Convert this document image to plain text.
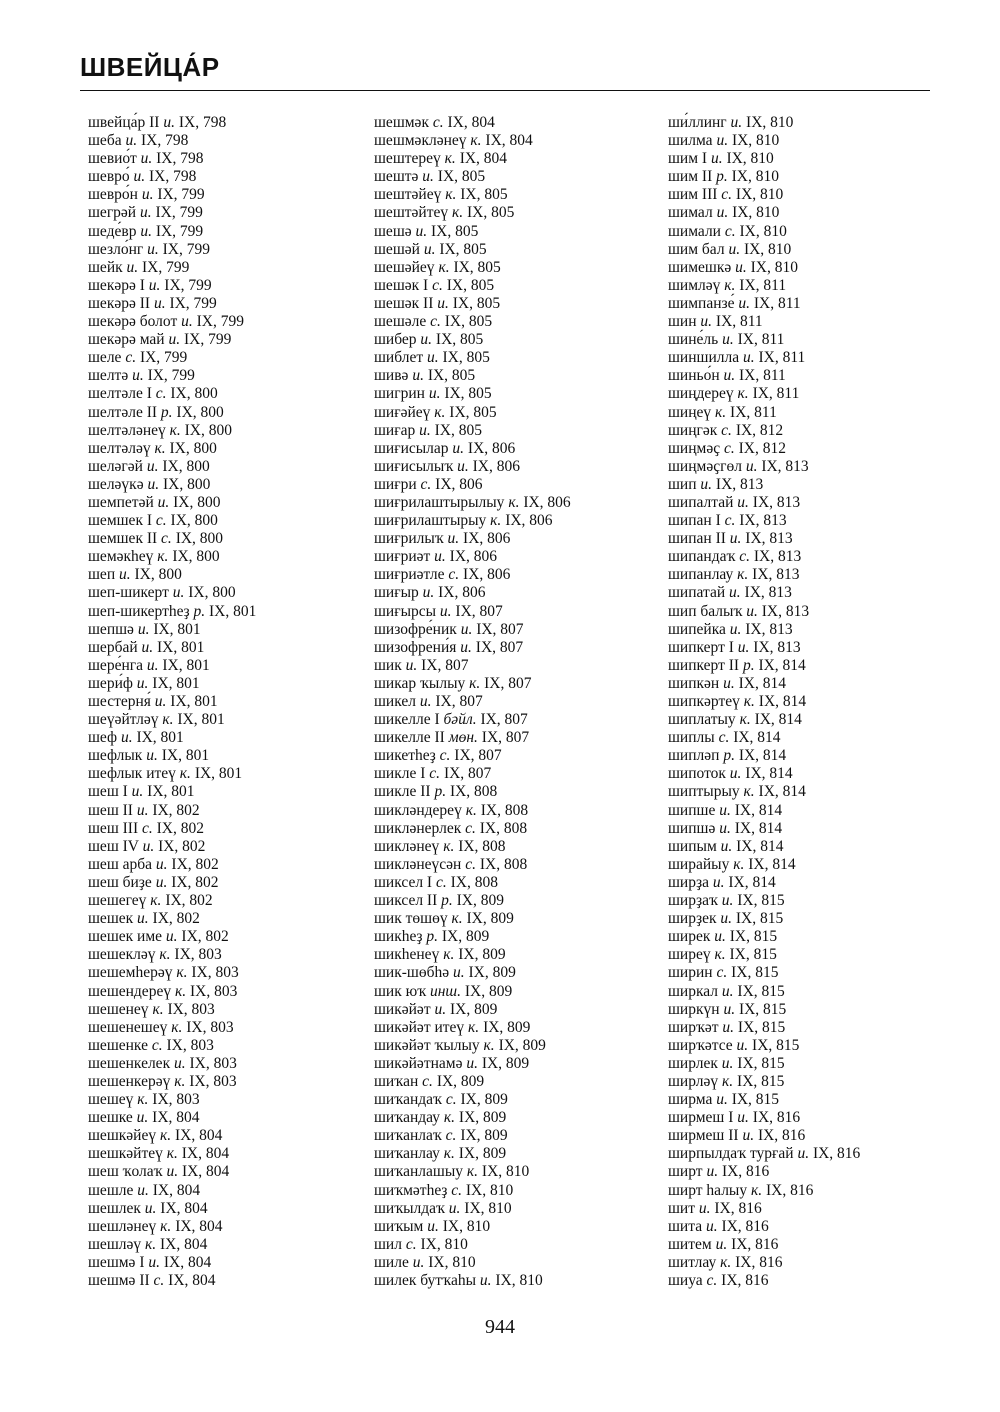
ШВЕЙЦА́Р
швейца́р II и. IX, 798
шеба и. IX, 798
шевио́т и. IX, 798
шевро́ и. IX, 798
шевро́н и. IX, 799
шегрәй и. IX, 799
шеде́вр и. IX, 799
шезло́нг и. IX, 799
шейк и. IX, 799
шекәрә I и. IX, 799
шекәрә II и. IX, 799
шекәрә болот и. IX, 799
шекәрә май и. IX, 799
шеле с. IX, 799
шелтә и. IX, 799
шелтәле I с. IX, 800
шелтәле II р. IX, 800
шелтәләнеү к. IX, 800
шелтәләү к. IX, 800
шеләгәй и. IX, 800
шеләүкә и. IX, 800
шемпетәй и. IX, 800
шемшек I с. IX, 800
шемшек II с. IX, 800
шемәкһеү к. IX, 800
шеп и. IX, 800
шеп-шикерт и. IX, 800
шеп-шикертһеҙ р. IX, 801
шепшә и. IX, 801
шербай и. IX, 801
шере́нга и. IX, 801
шери́ф и. IX, 801
шестерня́ и. IX, 801
шеүәйтләү к. IX, 801
шеф и. IX, 801
шефлык и. IX, 801
шефлык итеү к. IX, 801
шеш I и. IX, 801
шеш II и. IX, 802
шеш III с. IX, 802
шеш IV и. IX, 802
шеш арба и. IX, 802
шеш биҙе и. IX, 802
шешегеү к. IX, 802
шешек и. IX, 802
шешек име и. IX, 802
шешекләү к. IX, 803
шешемһерәү к. IX, 803
шешендереү к. IX, 803
шешенеү к. IX, 803
шешенешеү к. IX, 803
шешенке с. IX, 803
шешенкелек и. IX, 803
шешенкерәү к. IX, 803
шешеү к. IX, 803
шешке и. IX, 804
шешкәйеү к. IX, 804
шешкәйтеү к. IX, 804
шеш ҡолаҡ и. IX, 804
шешле и. IX, 804
шешлек и. IX, 804
шешләнеү к. IX, 804
шешләү к. IX, 804
шешмә I и. IX, 804
шешмә II с. IX, 804
шешмәк с. IX, 804
шешмәкләнеү к. IX, 804
шештереү к. IX, 804
шештә и. IX, 805
шештәйеү к. IX, 805
шештәйтеү к. IX, 805
шешә и. IX, 805
шешәй и. IX, 805
шешәйеү к. IX, 805
шешәк I с. IX, 805
шешәк II и. IX, 805
шешәле с. IX, 805
шибер и. IX, 805
шиблет и. IX, 805
шивә и. IX, 805
шигрин и. IX, 805
шиғәйеү к. IX, 805
шиғар и. IX, 805
шиғисылар и. IX, 806
шиғисылыҡ и. IX, 806
шиғри с. IX, 806
шиғрилаштырылыу к. IX, 806
шиғрилаштырыу к. IX, 806
шиғрилыҡ и. IX, 806
шиғриәт и. IX, 806
шиғриәтле с. IX, 806
шиғыр и. IX, 806
шиғырсы и. IX, 807
шизофре́ник и. IX, 807
шизофрени́я и. IX, 807
шик и. IX, 807
шикар ҡылыу к. IX, 807
шикел и. IX, 807
шикелле I бәйл. IX, 807
шикелле II мөн. IX, 807
шикетһеҙ с. IX, 807
шикле I с. IX, 807
шикле II р. IX, 808
шикләндереү к. IX, 808
шикләнерлек с. IX, 808
шикләнеү к. IX, 808
шикләнеүсән с. IX, 808
шиксел I с. IX, 808
шиксел II р. IX, 809
шик төшөү к. IX, 809
шикһеҙ р. IX, 809
шикһенеү к. IX, 809
шик-шөбһә и. IX, 809
шик юҡ инш. IX, 809
шикәйәт и. IX, 809
шикәйәт итеү к. IX, 809
шикәйәт ҡылыу к. IX, 809
шикәйәтнамә и. IX, 809
шиҡан с. IX, 809
шиҡандаҡ с. IX, 809
шиҡандау к. IX, 809
шиҡанлаҡ с. IX, 809
шиҡанлау к. IX, 809
шиҡанлашыу к. IX, 810
шиҡмәтһеҙ с. IX, 810
шиҡылдаҡ и. IX, 810
шиҡым и. IX, 810
шил с. IX, 810
шиле и. IX, 810
шилек бутҡаһы и. IX, 810
ши́ллинг и. IX, 810
шилма и. IX, 810
шим I и. IX, 810
шим II р. IX, 810
шим III с. IX, 810
шимал и. IX, 810
шимали с. IX, 810
шим бал и. IX, 810
шимешкә и. IX, 810
шимләү к. IX, 811
шимпанзе́ и. IX, 811
шин и. IX, 811
шине́ль и. IX, 811
шиншилла и. IX, 811
шиньо́н и. IX, 811
шиңдереү к. IX, 811
шиңеү к. IX, 811
шиңгәк с. IX, 812
шиңмәҫ с. IX, 812
шиңмәҫгөл и. IX, 813
шип и. IX, 813
шипалтай и. IX, 813
шипан I с. IX, 813
шипан II и. IX, 813
шипандаҡ с. IX, 813
шипанлау к. IX, 813
шипатай и. IX, 813
шип балыҡ и. IX, 813
шипейка и. IX, 813
шипкерт I и. IX, 813
шипкерт II р. IX, 814
шипкән и. IX, 814
шипкәртеү к. IX, 814
шиплатыу к. IX, 814
шиплы с. IX, 814
шипләп р. IX, 814
шипоток и. IX, 814
шиптырыу к. IX, 814
шипше и. IX, 814
шипшә и. IX, 814
шипым и. IX, 814
ширайыу к. IX, 814
ширҙа и. IX, 814
ширҙаҡ и. IX, 815
ширҙек и. IX, 815
ширек и. IX, 815
ширеү к. IX, 815
ширин с. IX, 815
ширкал и. IX, 815
ширкүн и. IX, 815
ширҡәт и. IX, 815
ширҡәтсе и. IX, 815
ширлек и. IX, 815
ширләү к. IX, 815
ширма и. IX, 815
ширмеш I и. IX, 816
ширмеш II и. IX, 816
ширпылдаҡ турғай и. IX, 816
ширт и. IX, 816
ширт һалыу к. IX, 816
шит и. IX, 816
шита и. IX, 816
шитем и. IX, 816
шитлау к. IX, 816
шиуа с. IX, 816
944
